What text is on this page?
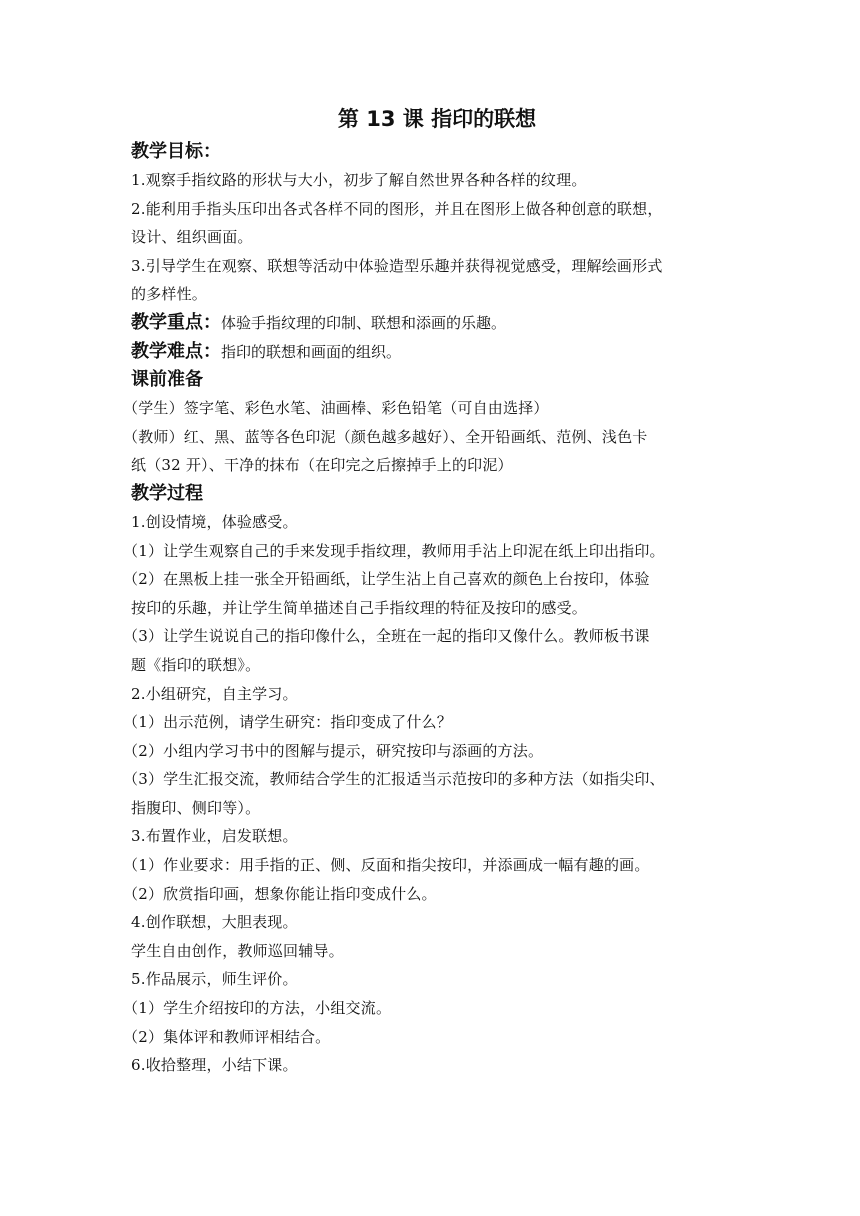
第 13 课 指印的联想
教学目标：

1.观察手指纹路的形状与大小，初步了解自然世界各种各样的纹理。

2.能利用手指头压印出各式各样不同的图形，并且在图形上做各种创意的联想，

设计、组织画面。

3.引导学生在观察、联想等活动中体验造型乐趣并获得视觉感受，理解绘画形式

的多样性。

教学重点：体验手指纹理的印制、联想和添画的乐趣。

教学难点：指印的联想和画面的组织。

课前准备

（学生）签字笔、彩色水笔、油画棒、彩色铅笔（可自由选择）

（教师）红、黑、蓝等各色印泥（颜色越多越好）、全开铅画纸、范例、浅色卡

纸（32 开）、干净的抹布（在印完之后擦掉手上的印泥）

教学过程

1.创设情境，体验感受。

（1）让学生观察自己的手来发现手指纹理，教师用手沾上印泥在纸上印出指印。

（2）在黑板上挂一张全开铅画纸，让学生沾上自己喜欢的颜色上台按印，体验

按印的乐趣，并让学生简单描述自己手指纹理的特征及按印的感受。

（3）让学生说说自己的指印像什么，全班在一起的指印又像什么。教师板书课

题《指印的联想》。

2.小组研究，自主学习。

（1）出示范例，请学生研究：指印变成了什么？

（2）小组内学习书中的图解与提示，研究按印与添画的方法。

（3）学生汇报交流，教师结合学生的汇报适当示范按印的多种方法（如指尖印、

指腹印、侧印等）。

3.布置作业，启发联想。

（1）作业要求：用手指的正、侧、反面和指尖按印，并添画成一幅有趣的画。

（2）欣赏指印画，想象你能让指印变成什么。

4.创作联想，大胆表现。

学生自由创作，教师巡回辅导。

5.作品展示，师生评价。

（1）学生介绍按印的方法，小组交流。

（2）集体评和教师评相结合。

6.收拾整理，小结下课。
